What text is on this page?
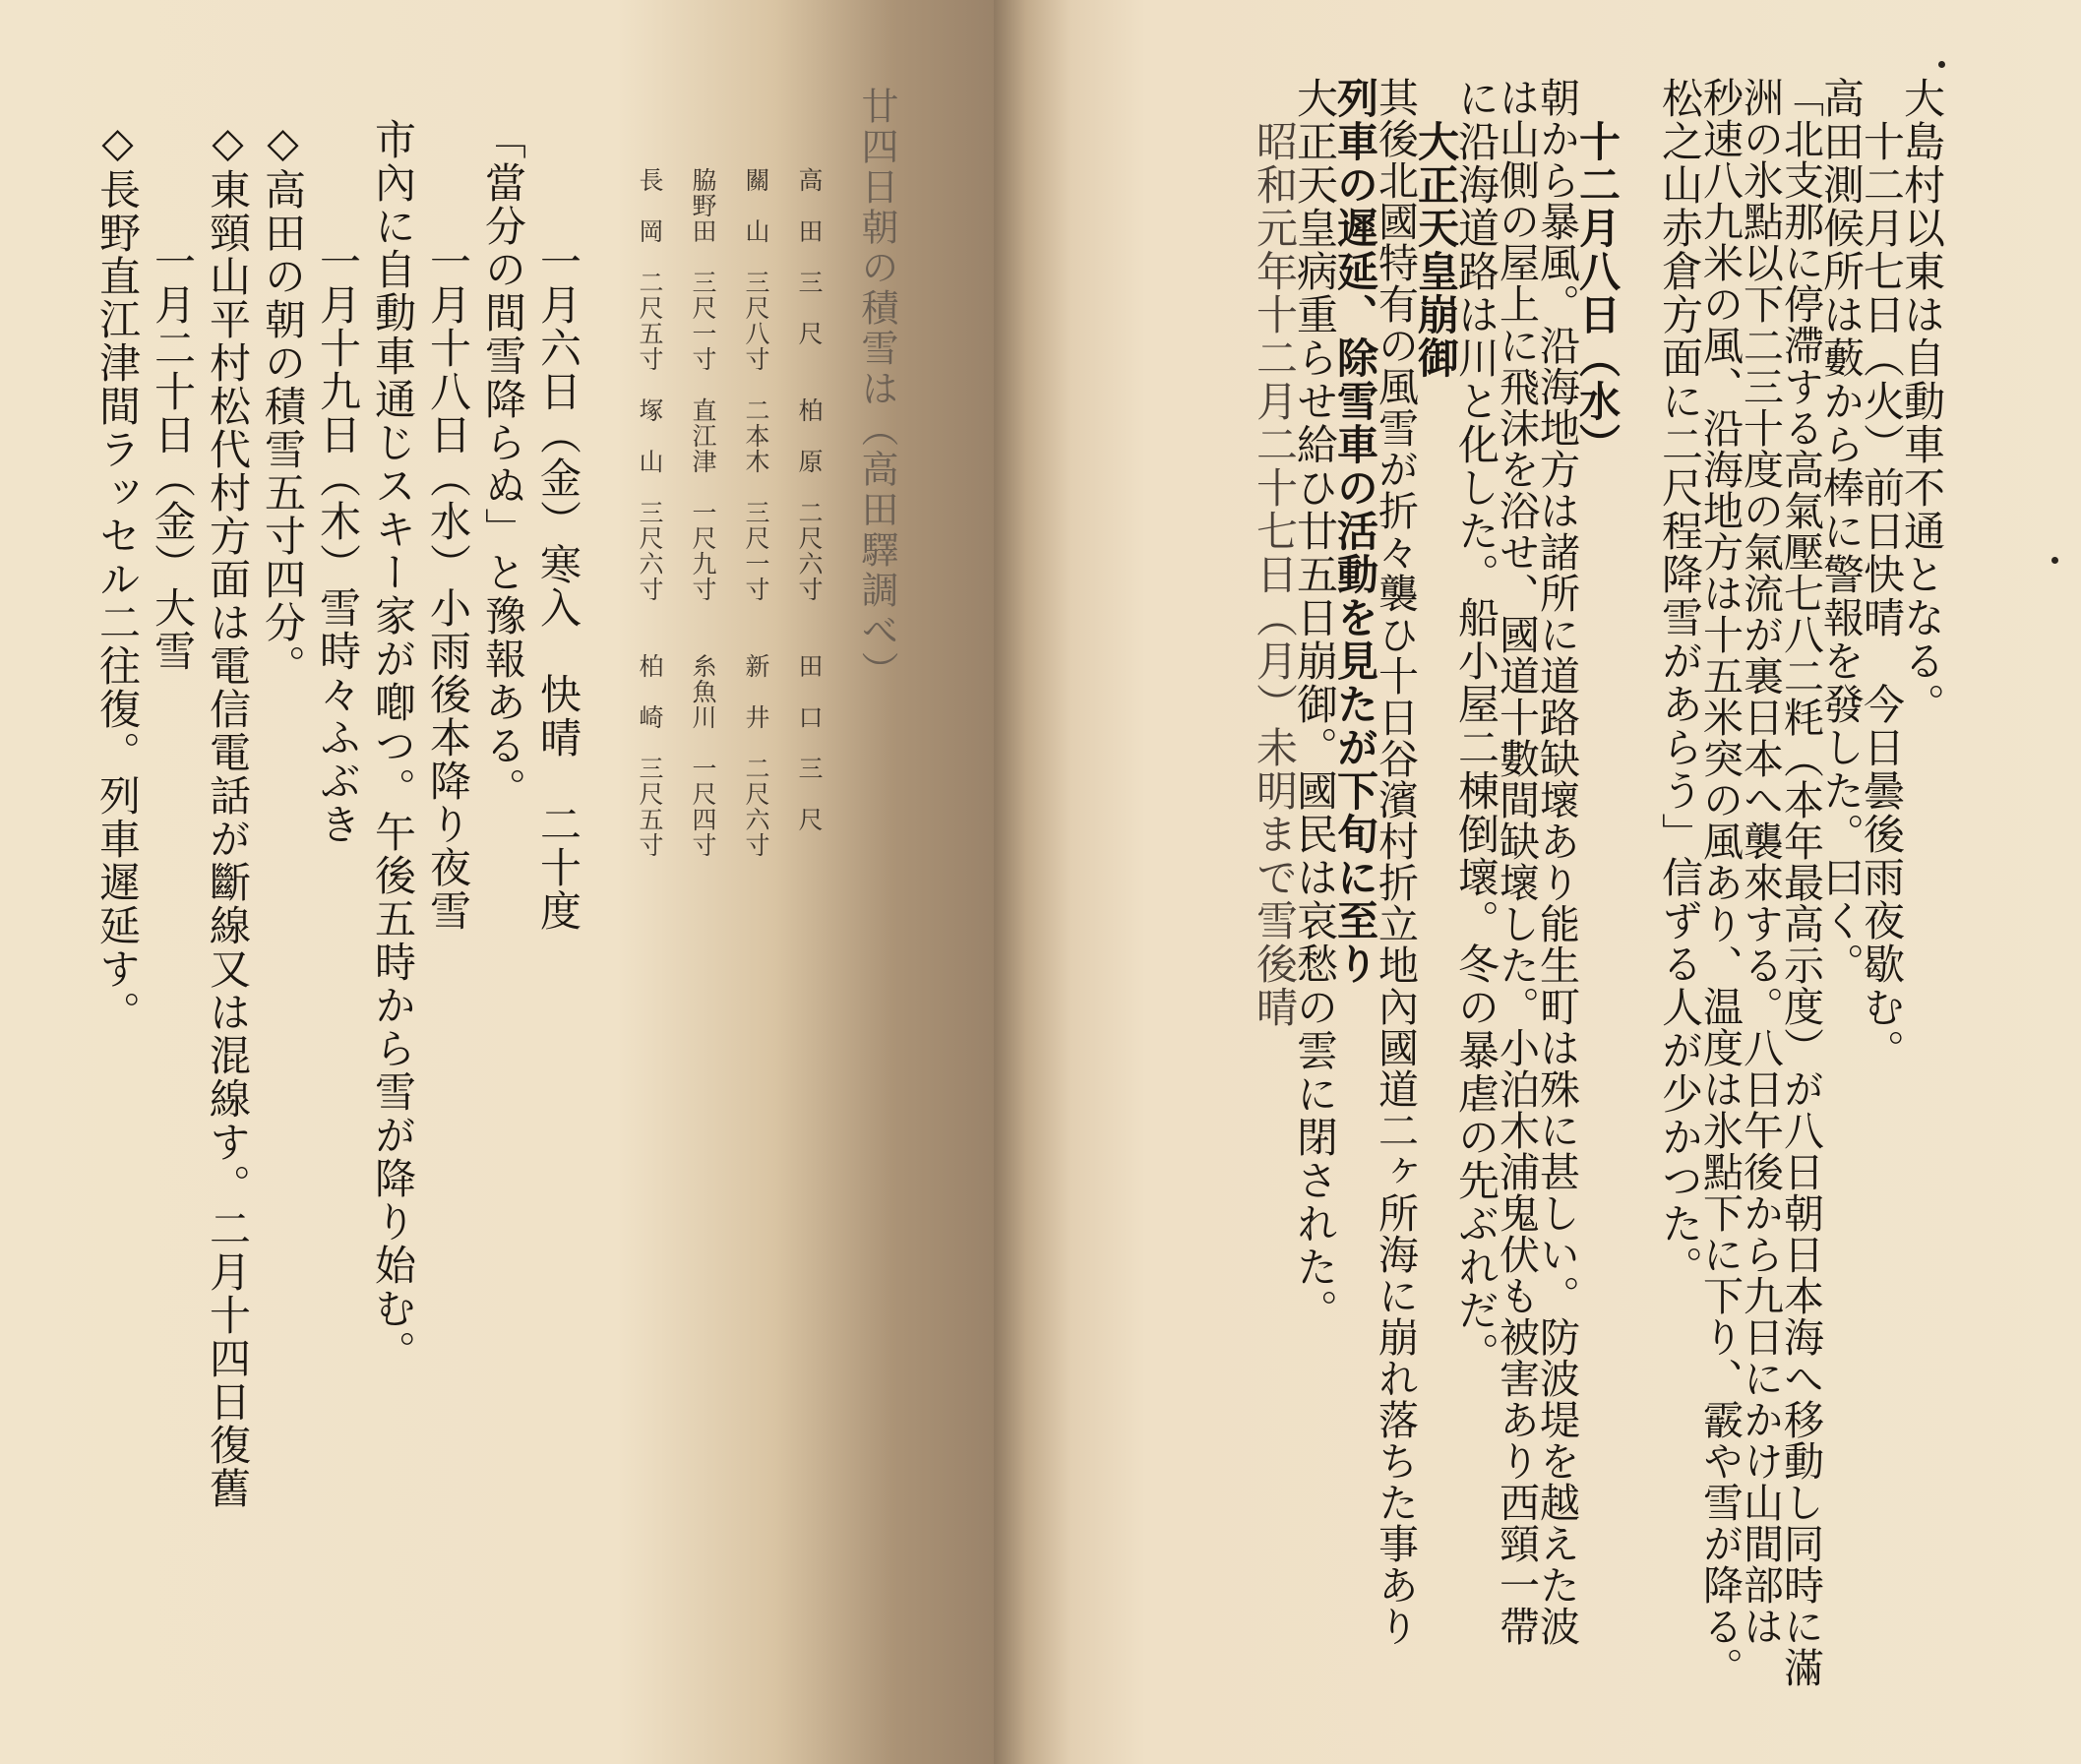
大島村以東は自動車不通となる。
　十二月七日（火）前日快晴　今日曇後雨夜歇む。
高田測候所は藪から棒に警報を發した。曰く。
「北支那に停滯する高氣壓七八二粍（本年最高示度）が八日朝日本海へ移動し同時に滿
洲の氷點以下二三十度の氣流が裏日本へ襲來する。八日午後から九日にかけ山間部は
秒速八九米の風、沿海地方は十五米突の風あり、温度は氷點下に下り、霰や雪が降る。
松之山赤倉方面に二尺程降雪があらう」信ずる人が少かつた。
　十二月八日（水）
朝から暴風。沿海地方は諸所に道路缺壞あり能生町は殊に甚しい。防波堤を越えた波
は山側の屋上に飛沫を浴せ、國道十數間缺壞した。小泊木浦鬼伏も被害あり西頸一帶
に沿海道路は川と化した。船小屋二棟倒壞。冬の暴虐の先ぶれだ。
　大正天皇崩御
其後北國特有の風雪が折々襲ひ十日谷濱村折立地內國道二ヶ所海に崩れ落ちた事あり
列車の遲延、除雪車の活動を見たが下旬に至り
大正天皇病重らせ給ひ廿五日崩御。國民は哀愁の雲に閉された。
　昭和元年十二月二十七日（月）未明まで雪後晴
廿四日朝の積雪は（高田驛調べ）
高　田　三　尺　　柏　原　二尺六寸　　田　口　三　尺
關　山　三尺八寸　二本木　三尺一寸　　新　井　二尺六寸
脇野田　三尺一寸　直江津　一尺九寸　　糸魚川　一尺四寸
長　岡　二尺五寸　塚　山　三尺六寸　　柏　崎　三尺五寸
　一月六日（金）寒入　快晴　二十度
「當分の間雪降らぬ」と豫報ある。
　一月十八日（水）小雨後本降り夜雪
市內に自動車通じスキー家が喞つ。午後五時から雪が降り始む。
　一月十九日（木）雪時々ふぶき
◇高田の朝の積雪五寸四分。
◇東頸山平村松代村方面は電信電話が斷線又は混線す。二月十四日復舊
　一月二十日（金）大雪
◇長野直江津間ラッセル二往復。列車遲延す。
